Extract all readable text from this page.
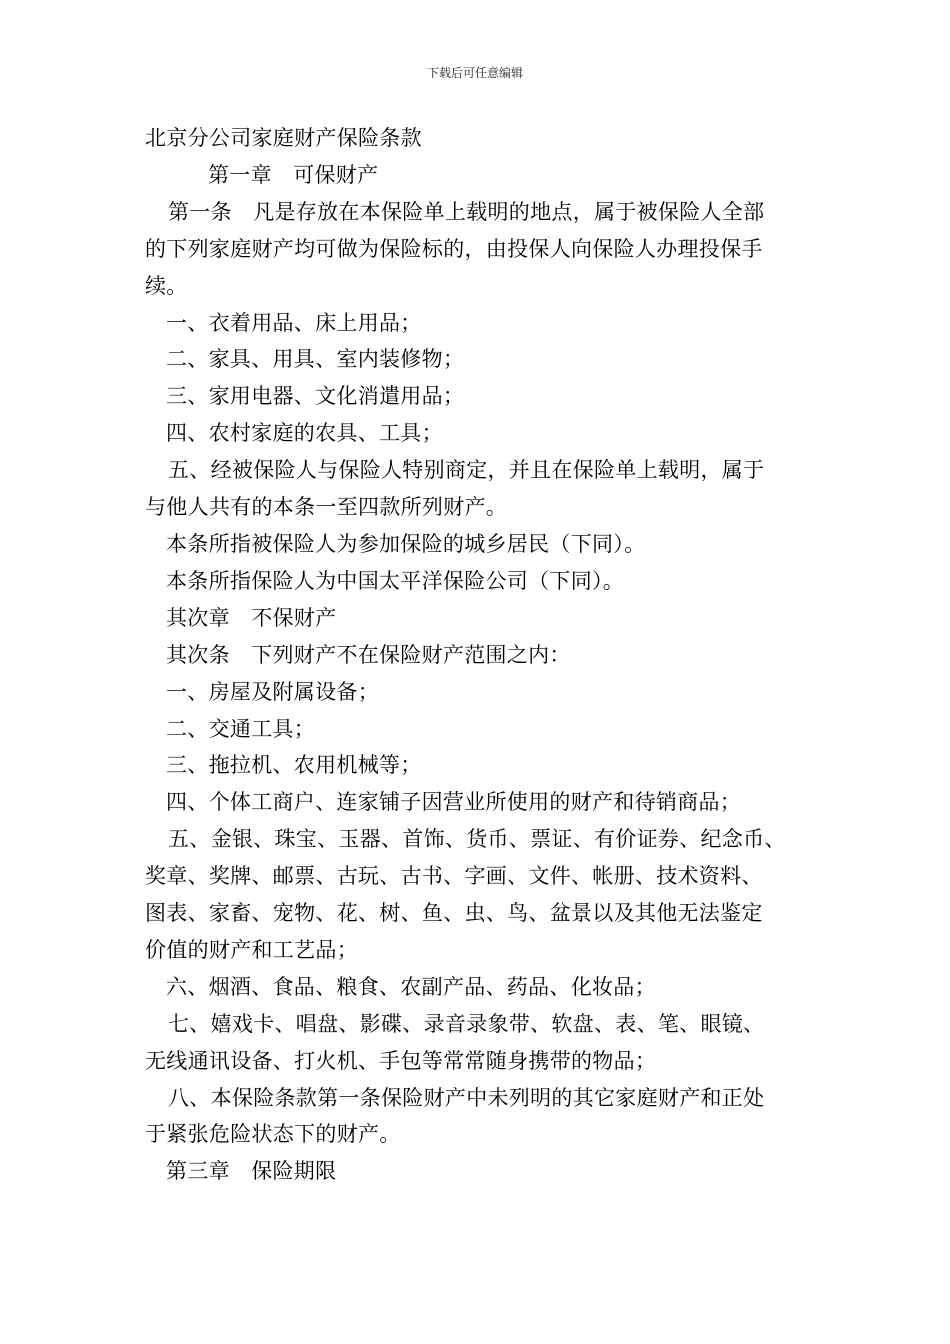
下载后可任意编辑
北京分公司家庭财产保险条款
第一章　可保财产
第一条　凡是存放在本保险单上载明的地点，属于被保险人全部
的下列家庭财产均可做为保险标的，由投保人向保险人办理投保手
续。
一、衣着用品、床上用品；
二、家具、用具、室内装修物；
三、家用电器、文化消遣用品；
四、农村家庭的农具、工具；
五、经被保险人与保险人特别商定，并且在保险单上载明，属于
与他人共有的本条一至四款所列财产。
本条所指被保险人为参加保险的城乡居民（下同）。
本条所指保险人为中国太平洋保险公司（下同）。
其次章　不保财产
其次条　下列财产不在保险财产范围之内：
一、房屋及附属设备；
二、交通工具；
三、拖拉机、农用机械等；
四、个体工商户、连家铺子因营业所使用的财产和待销商品；
五、金银、珠宝、玉器、首饰、货币、票证、有价证券、纪念币、
奖章、奖牌、邮票、古玩、古书、字画、文件、帐册、技术资料、
图表、家畜、宠物、花、树、鱼、虫、鸟、盆景以及其他无法鉴定
价值的财产和工艺品；
六、烟酒、食品、粮食、农副产品、药品、化妆品；
七、嬉戏卡、唱盘、影碟、录音录象带、软盘、表、笔、眼镜、
无线通讯设备、打火机、手包等常常随身携带的物品；
八、本保险条款第一条保险财产中未列明的其它家庭财产和正处
于紧张危险状态下的财产。
第三章　保险期限
